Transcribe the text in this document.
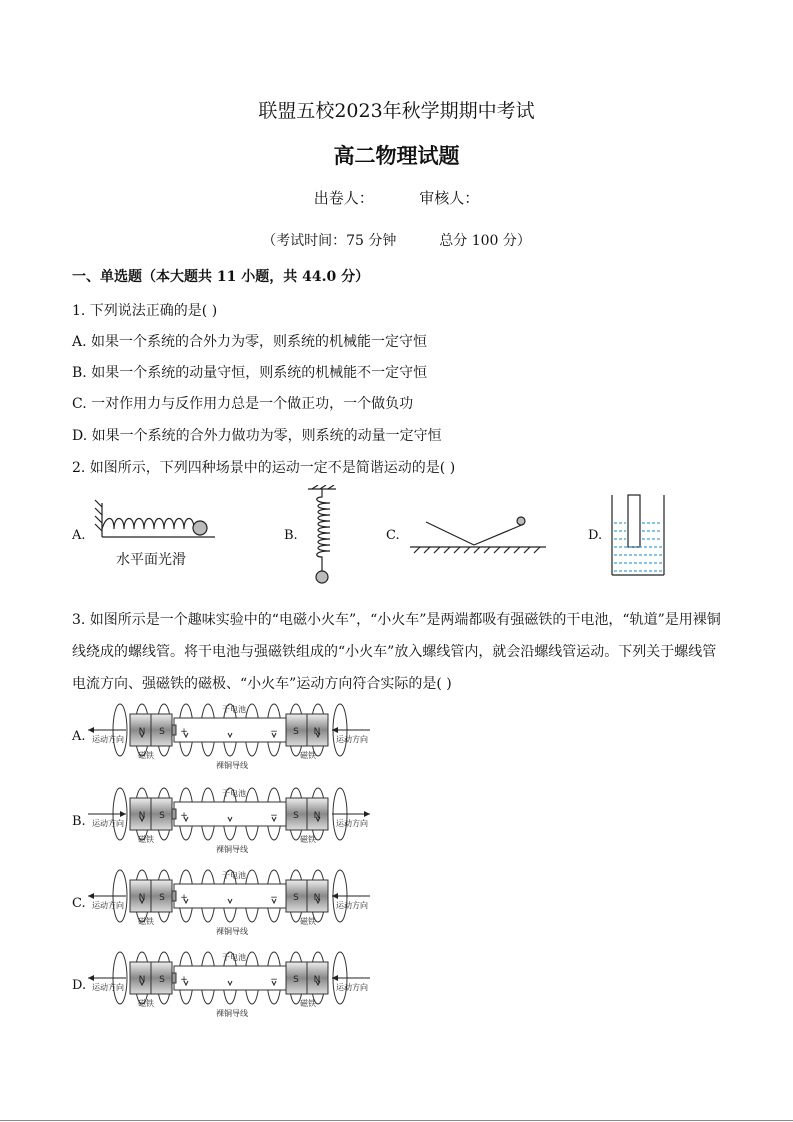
联盟五校2023年秋学期期中考试
高二物理试题
出卷人：	审核人：
（考试时间：75 分钟	总分 100 分）
一、单选题（本大题共 11 小题，共 44.0 分）
1. 下列说法正确的是( )
A. 如果一个系统的合外力为零，则系统的机械能一定守恒
B. 如果一个系统的动量守恒，则系统的机械能不一定守恒
C. 一对作用力与反作用力总是一个做正功，一个做负功
D. 如果一个系统的合外力做功为零，则系统的动量一定守恒
2. 如图所示，下列四种场景中的运动一定不是简谐运动的是( )
A.	B.	C.	D.
水平面光滑
3. 如图所示是一个趣味实验中的“电磁小火车”，“小火车”是两端都吸有强磁铁的干电池，“轨道”是用裸铜线绕成的螺线管。将干电池与强磁铁组成的“小火车”放入螺线管内，就会沿螺线管运动。下列关于螺线管电流方向、强磁铁的磁极、“小火车”运动方向符合实际的是( )
A.
B.
C.
D.
N S	S N
+	−
干电池
磁铁	磁铁
裸铜导线
运动方向	运动方向
N S	S N
+	−
干电池
磁铁	磁铁
裸铜导线
运动方向	运动方向
N S	S N
+	−
干电池
磁铁	磁铁
裸铜导线
运动方向	运动方向
N S	S N
+	−
干电池
磁铁	磁铁
裸铜导线
运动方向	运动方向
